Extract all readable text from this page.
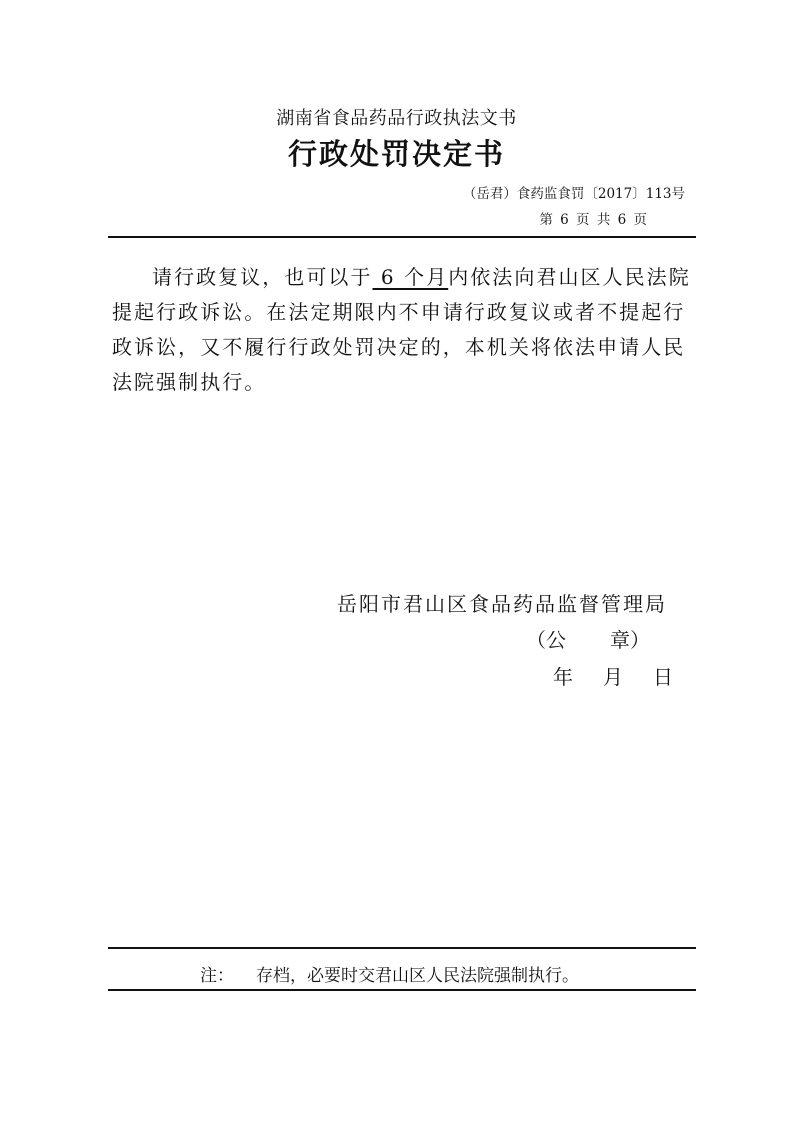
湖南省食品药品行政执法文书
行政处罚决定书
（岳君）食药监食罚〔2017〕113号
第 6 页 共 6 页
请行政复议，也可以于 6 个月内依法向君山区人民法院
提起行政诉讼。在法定期限内不申请行政复议或者不提起行
政诉讼，又不履行行政处罚决定的，本机关将依法申请人民
法院强制执行。
岳阳市君山区食品药品监督管理局
（公 章）
年 月 日
注： 存档，必要时交君山区人民法院强制执行。
